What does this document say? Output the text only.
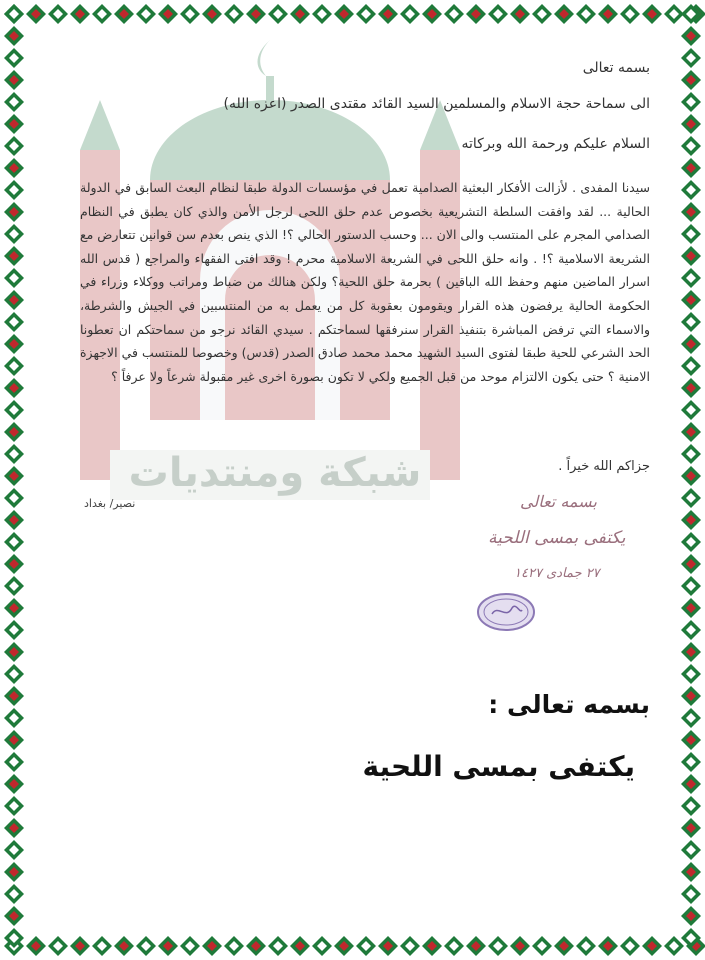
شبكة ومنتديات
بسمه تعالى
الى سماحة حجة الاسلام والمسلمين السيد القائد مقتدى الصدر (اعزه الله)
السلام عليكم ورحمة الله وبركاته
سيدنا المفدى . لأزالت الأفكار البعثية الصدامية تعمل في مؤسسات الدولة طبقا لنظام البعث السابق في الدولة الحالية ... لقد وافقت السلطة التشريعية بخصوص عدم حلق اللحى لرجل الأمن والذي كان يطبق في النظام الصدامي المجرم على المنتسب والى الان ... وحسب الدستور الحالي ؟! الذي ينص بعدم سن قوانين تتعارض مع الشريعة الاسلامية ؟! . وانه حلق اللحى في الشريعة الاسلامية محرم ! وقد افتى الفقهاء والمراجع ( قدس الله اسرار الماضين منهم وحفظ الله الباقين ) بحرمة حلق اللحية؟ ولكن هنالك من ضباط ومراتب ووكلاء وزراء في الحكومة الحالية يرفضون هذه القرار ويقومون بعقوبة كل من يعمل به من المنتسبين في الجيش والشرطة، والاسماء التي ترفض المباشرة بتنفيذ القرار سنرفقها لسماحتكم . سيدي القائد نرجو من سماحتكم ان تعطونا الحد الشرعي للحية طبقا لفتوى السيد الشهيد محمد محمد صادق الصدر (قدس) وخصوصا للمنتسب في الاجهزة الامنية ؟ حتى يكون الالتزام موحد من قبل الجميع ولكي لا تكون بصورة اخرى غير مقبولة شرعاً ولا عرفاً ؟
جزاكم الله خيراً .
نصير/ بغداد	بسمه تعالى
يكتفى بمسى اللحية
٢٧ جمادى ١٤٢٧
بسمه تعالى :
يكتفى بمسى اللحية
